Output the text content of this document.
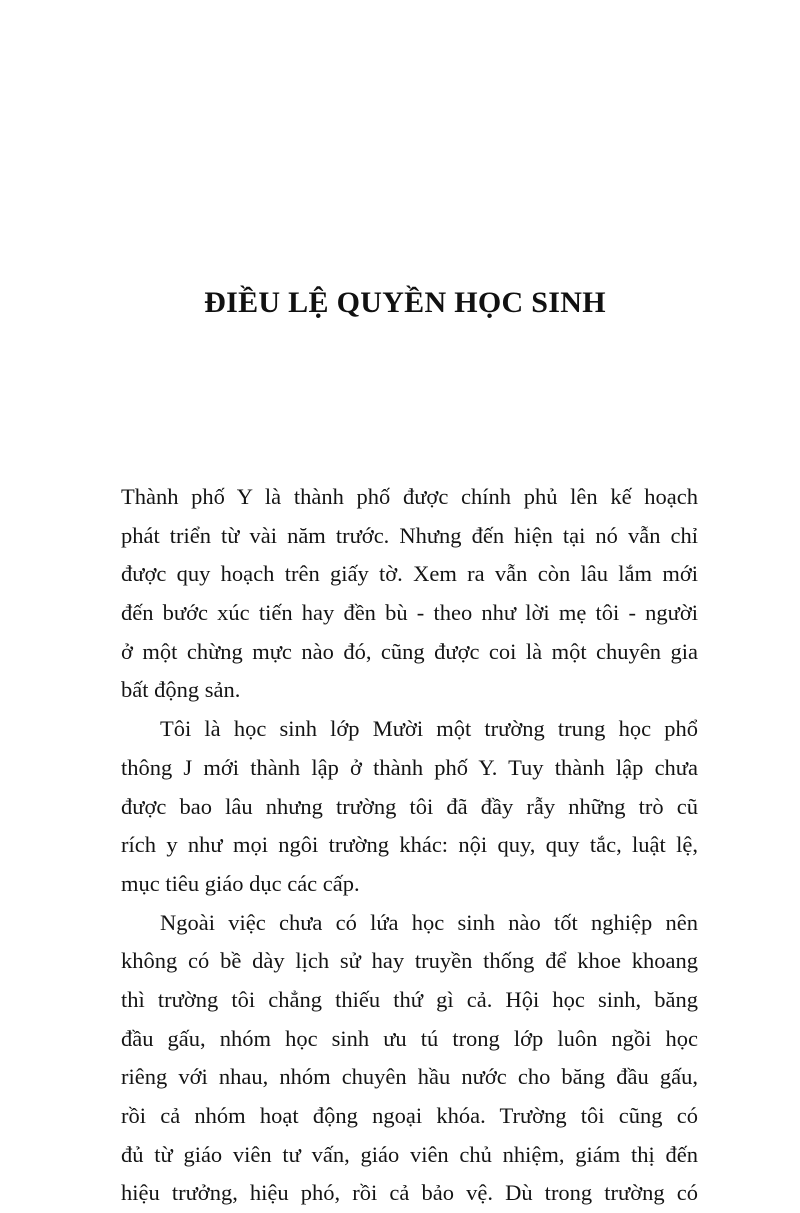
ĐIỀU LỆ QUYỀN HỌC SINH
Thành phố Y là thành phố được chính phủ lên kế hoạch
phát triển từ vài năm trước. Nhưng đến hiện tại nó vẫn chỉ
được quy hoạch trên giấy tờ. Xem ra vẫn còn lâu lắm mới
đến bước xúc tiến hay đền bù - theo như lời mẹ tôi - người
ở một chừng mực nào đó, cũng được coi là một chuyên gia
bất động sản.
Tôi là học sinh lớp Mười một trường trung học phổ
thông J mới thành lập ở thành phố Y. Tuy thành lập chưa
được bao lâu nhưng trường tôi đã đầy rẫy những trò cũ
rích y như mọi ngôi trường khác: nội quy, quy tắc, luật lệ,
mục tiêu giáo dục các cấp.
Ngoài việc chưa có lứa học sinh nào tốt nghiệp nên
không có bề dày lịch sử hay truyền thống để khoe khoang
thì trường tôi chẳng thiếu thứ gì cả. Hội học sinh, băng
đầu gấu, nhóm học sinh ưu tú trong lớp luôn ngồi học
riêng với nhau, nhóm chuyên hầu nước cho băng đầu gấu,
rồi cả nhóm hoạt động ngoại khóa. Trường tôi cũng có
đủ từ giáo viên tư vấn, giáo viên chủ nhiệm, giám thị đến
hiệu trưởng, hiệu phó, rồi cả bảo vệ. Dù trong trường có
